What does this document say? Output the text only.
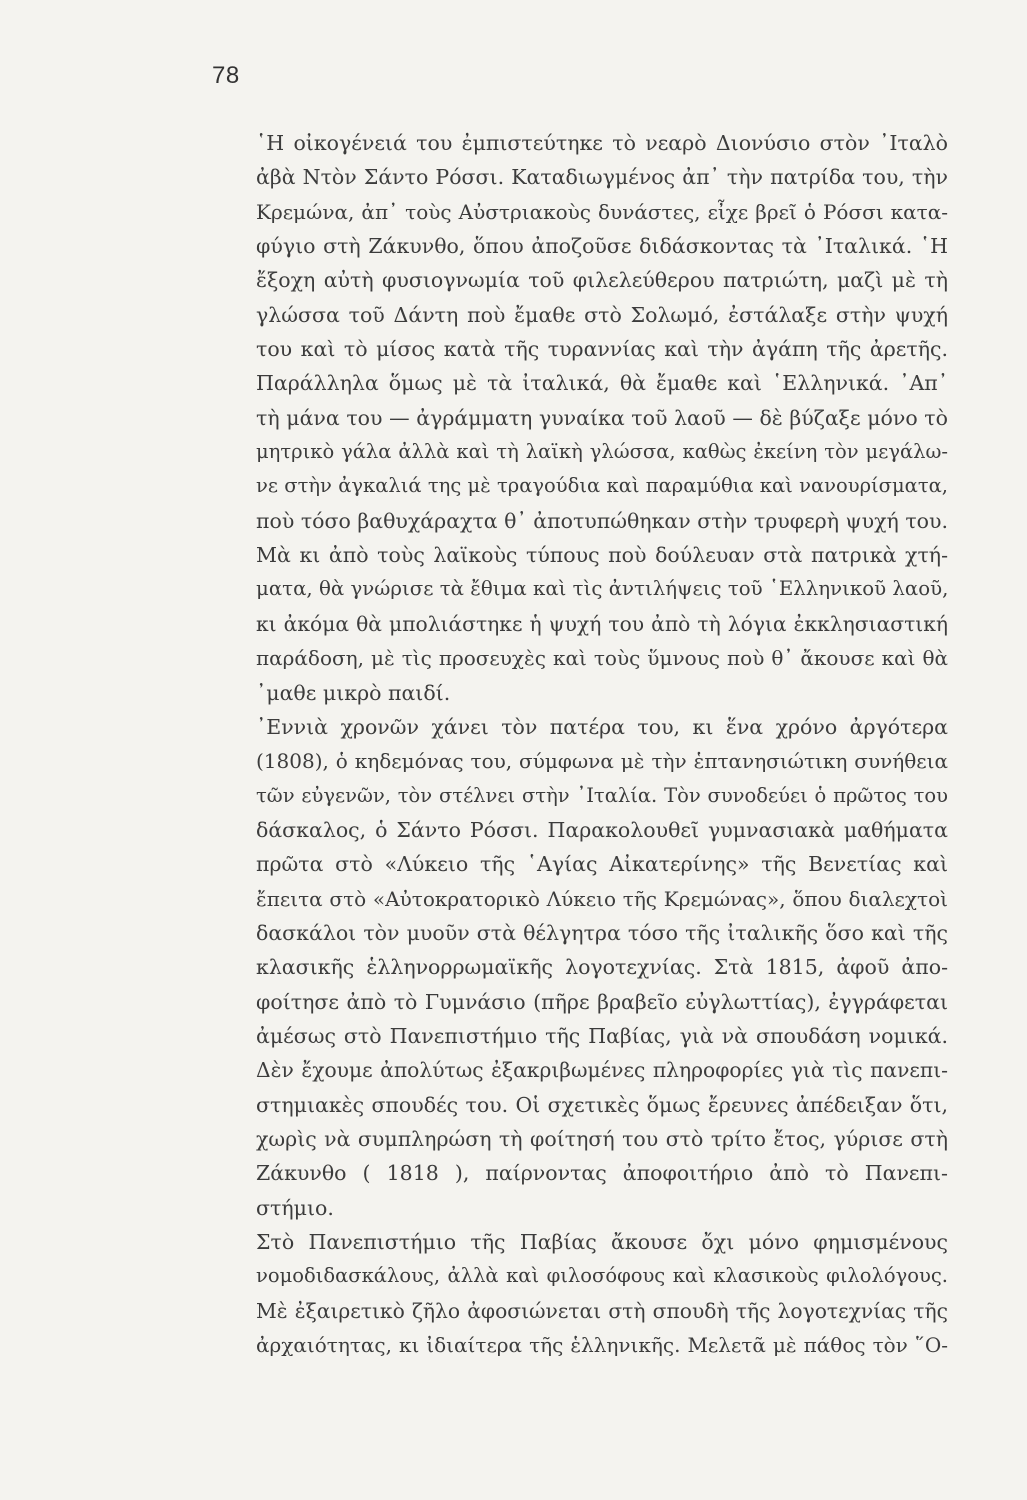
78
῾Η οἰκογένειά του ἐμπιστεύτηκε τὸ νεαρὸ Διονύσιο στὸν ᾿Ιταλὸ
ἀβὰ Ντὸν Σάντο Ρόσσι. Καταδιωγμένος ἀπ᾿ τὴν πατρίδα του, τὴν
Κρεμώνα, ἀπ᾿ τοὺς Αὐστριακοὺς δυνάστες, εἶχε βρεῖ ὁ Ρόσσι κατα-
φύγιο στὴ Ζάκυνθο, ὅπου ἀποζοῦσε διδάσκοντας τὰ ᾿Ιταλικά. ῾Η
ἔξοχη αὐτὴ φυσιογνωμία τοῦ φιλελεύθερου πατριώτη, μαζὶ μὲ τὴ
γλώσσα τοῦ Δάντη ποὺ ἔμαθε στὸ Σολωμό, ἐστάλαξε στὴν ψυχή
του καὶ τὸ μίσος κατὰ τῆς τυραννίας καὶ τὴν ἀγάπη τῆς ἀρετῆς.
Παράλληλα ὅμως μὲ τὰ ἰταλικά, θὰ ἔμαθε καὶ ῾Ελληνικά. ᾿Απ᾿
τὴ μάνα του — ἀγράμματη γυναίκα τοῦ λαοῦ — δὲ βύζαξε μόνο τὸ
μητρικὸ γάλα ἀλλὰ καὶ τὴ λαϊκὴ γλώσσα, καθὼς ἐκείνη τὸν μεγάλω-
νε στὴν ἀγκαλιά της μὲ τραγούδια καὶ παραμύθια καὶ νανουρίσματα,
ποὺ τόσο βαθυχάραχτα θ᾿ ἀποτυπώθηκαν στὴν τρυφερὴ ψυχή του.
Μὰ κι ἀπὸ τοὺς λαϊκοὺς τύπους ποὺ δούλευαν στὰ πατρικὰ χτή-
ματα, θὰ γνώρισε τὰ ἔθιμα καὶ τὶς ἀντιλήψεις τοῦ ῾Ελληνικοῦ λαοῦ,
κι ἀκόμα θὰ μπολιάστηκε ἡ ψυχή του ἀπὸ τὴ λόγια ἐκκλησιαστική
παράδοση, μὲ τὶς προσευχὲς καὶ τοὺς ὕμνους ποὺ θ᾿ ἄκουσε καὶ θὰ
᾿μαθε μικρὸ παιδί.
᾿Εννιὰ χρονῶν χάνει τὸν πατέρα του, κι ἕνα χρόνο ἀργότερα
(1808), ὁ κηδεμόνας του, σύμφωνα μὲ τὴν ἑπτανησιώτικη συνήθεια
τῶν εὐγενῶν, τὸν στέλνει στὴν ᾿Ιταλία. Τὸν συνοδεύει ὁ πρῶτος του
δάσκαλος, ὁ Σάντο Ρόσσι. Παρακολουθεῖ γυμνασιακὰ μαθήματα
πρῶτα στὸ «Λύκειο τῆς ῾Αγίας Αἰκατερίνης» τῆς Βενετίας καὶ
ἔπειτα στὸ «Αὐτοκρατορικὸ Λύκειο τῆς Κρεμώνας», ὅπου διαλεχτοὶ
δασκάλοι τὸν μυοῦν στὰ θέλγητρα τόσο τῆς ἰταλικῆς ὅσο καὶ τῆς
κλασικῆς ἑλληνορρωμαϊκῆς λογοτεχνίας. Στὰ 1815, ἀφοῦ ἀπο-
φοίτησε ἀπὸ τὸ Γυμνάσιο (πῆρε βραβεῖο εὐγλωττίας), ἐγγράφεται
ἀμέσως στὸ Πανεπιστήμιο τῆς Παβίας, γιὰ νὰ σπουδάση νομικά.
Δὲν ἔχουμε ἀπολύτως ἐξακριβωμένες πληροφορίες γιὰ τὶς πανεπι-
στημιακὲς σπουδές του. Οἱ σχετικὲς ὅμως ἔρευνες ἀπέδειξαν ὅτι,
χωρὶς νὰ συμπληρώση τὴ φοίτησή του στὸ τρίτο ἔτος, γύρισε στὴ
Ζάκυνθο ( 1818 ), παίρνοντας ἀποφοιτήριο ἀπὸ τὸ Πανεπι-
στήμιο.
Στὸ Πανεπιστήμιο τῆς Παβίας ἄκουσε ὄχι μόνο φημισμένους
νομοδιδασκάλους, ἀλλὰ καὶ φιλοσόφους καὶ κλασικοὺς φιλολόγους.
Μὲ ἐξαιρετικὸ ζῆλο ἀφοσιώνεται στὴ σπουδὴ τῆς λογοτεχνίας τῆς
ἀρχαιότητας, κι ἰδιαίτερα τῆς ἑλληνικῆς. Μελετᾶ μὲ πάθος τὸν ῞Ο-
